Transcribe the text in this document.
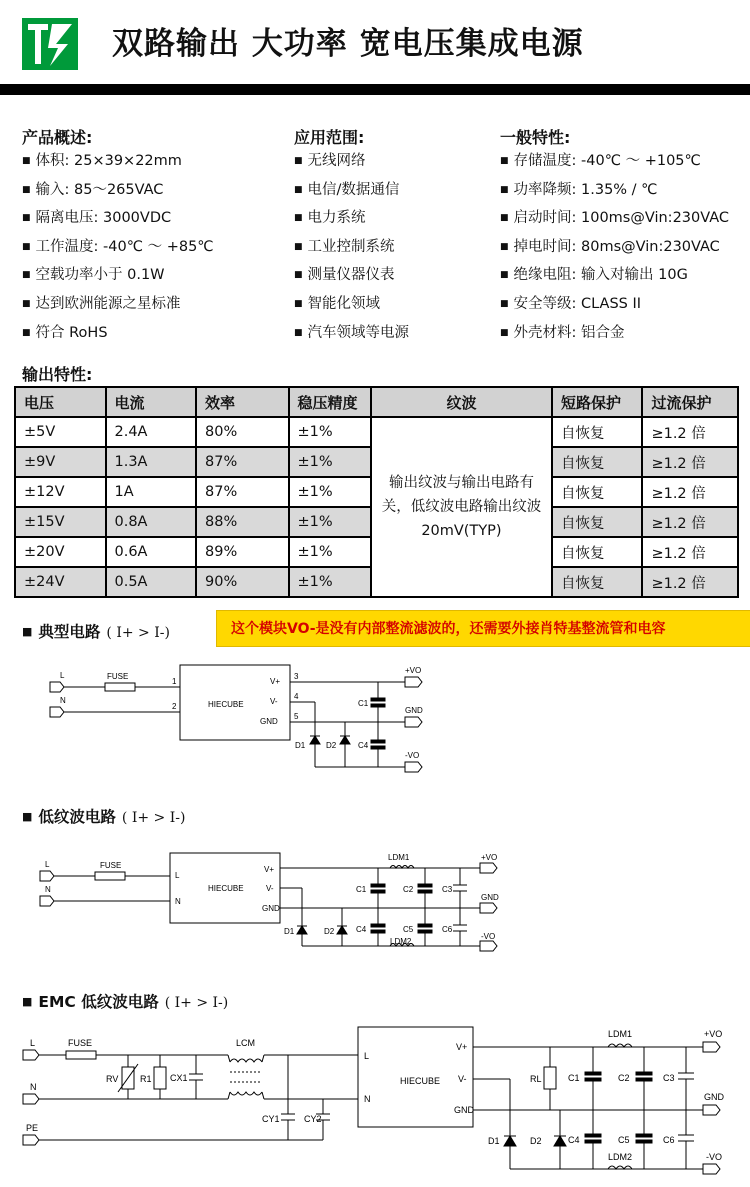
双路输出 大功率 宽电压集成电源
产品概述:
■ 体积: 25×39×22mm
■ 输入: 85～265VAC
■ 隔离电压: 3000VDC
■ 工作温度: -40℃ ～ +85℃
■ 空载功率小于 0.1W
■ 达到欧洲能源之星标准
■ 符合 RoHS
应用范围:
■ 无线网络
■ 电信/数据通信
■ 电力系统
■ 工业控制系统
■ 测量仪器仪表
■ 智能化领域
■ 汽车领域等电源
一般特性:
■ 存储温度: -40℃ ～ +105℃
■ 功率降频: 1.35% / ℃
■ 启动时间: 100ms@Vin:230VAC
■ 掉电时间: 80ms@Vin:230VAC
■ 绝缘电阻: 输入对输出 10G
■ 安全等级: CLASS II
■ 外壳材料: 铝合金
输出特性:
电压	电流	效率	稳压精度	纹波	短路保护	过流保护
±5V	2.4A	80%	±1%	输出纹波与输出电路有关，低纹波电路输出纹波 20mV(TYP)	自恢复	≥1.2 倍
±9V	1.3A	87%	±1%		自恢复	≥1.2 倍
±12V	1A	87%	±1%		自恢复	≥1.2 倍
±15V	0.8A	88%	±1%		自恢复	≥1.2 倍
±20V	0.6A	89%	±1%		自恢复	≥1.2 倍
±24V	0.5A	90%	±1%		自恢复	≥1.2 倍
■ 典型电路 ( I+ > I-)	这个模块VO-是没有内部整流滤波的，还需要外接肖特基整流管和电容
L
N
FUSE
1
2	HIECUBE
V+
V-
GND
3
4
5
C1
C4
D1	D2
+VO
GND
-VO
■ 低纹波电路 ( I+ > I-)
L
N
FUSE
L
N
HIECUBE
V+
V-
GND
LDM1
LDM2
C1	C2	C3
C4	C5	C6
D1	D2
+VO
GND
-VO
■ EMC 低纹波电路 ( I+ > I-)
L
N
PE
FUSE
RV R1 CX1
LCM
CY1	CY2
L
N
HIECUBE
V+
V-
GND
RL
LDM1
LDM2
C1	C2	C3
C4	C5	C6
D1	D2
+VO
GND
-VO
